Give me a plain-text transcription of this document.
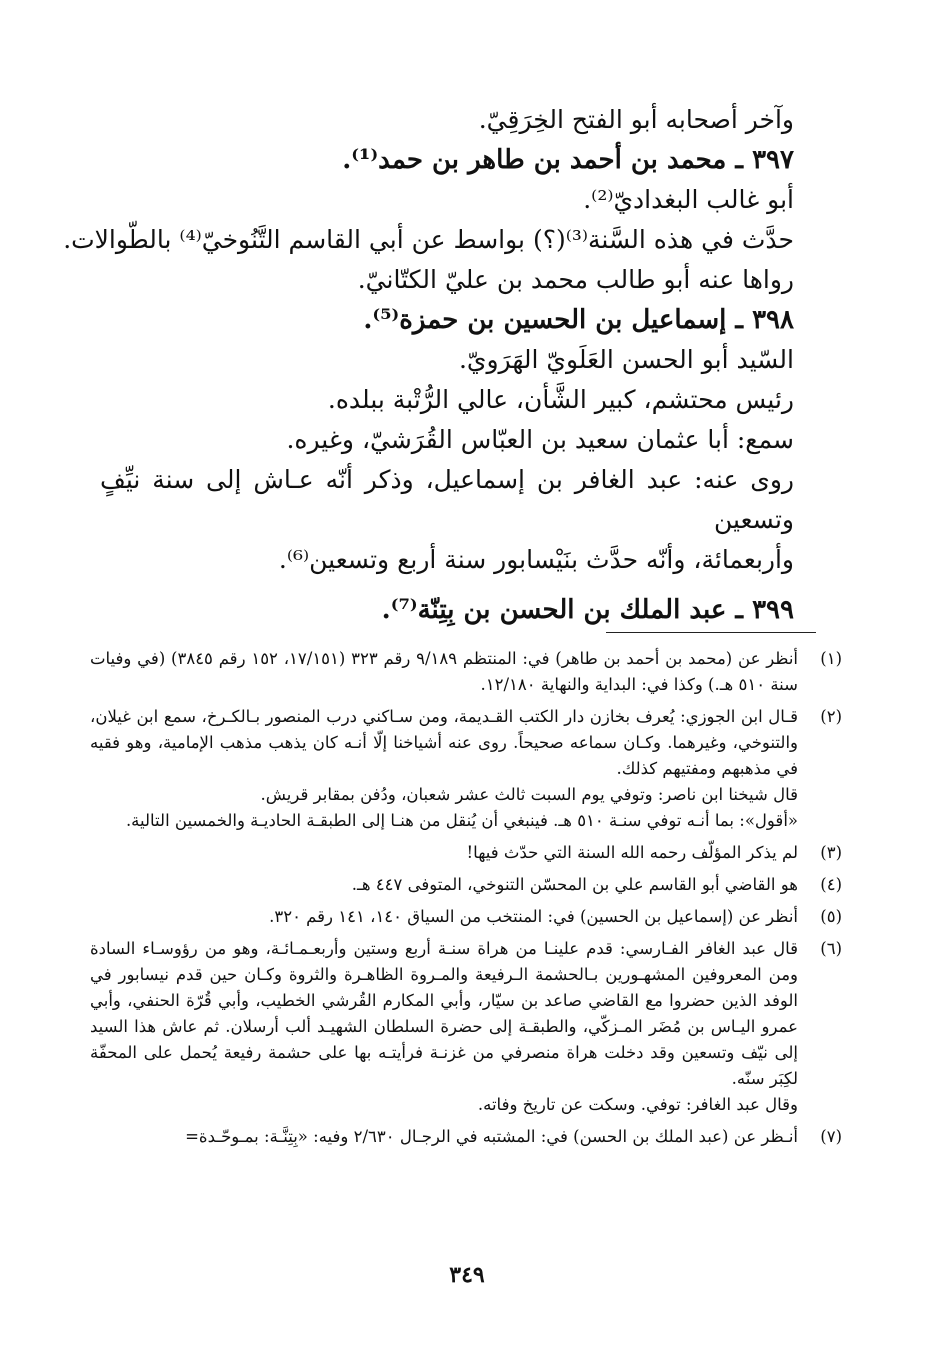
وآخر أصحابه أبو الفتح الخِرَقِيّ.

٣٩٧ ـ محمد بن أحمد بن طاهر بن حمد⁽¹⁾.

أبو غالب البغداديّ⁽²⁾.

حدَّث في هذه السَّنة⁽³⁾(؟) بواسط عن أبي القاسم التَّنُوخيّ⁽⁴⁾ بالطّوالات.

رواها عنه أبو طالب محمد بن عليّ الكتّانيّ.

٣٩٨ ـ إسماعيل بن الحسين بن حمزة⁽⁵⁾.

السّيد أبو الحسن العَلَويّ الهَرَويّ.

رئيس محتشم، كبير الشَّأن، عالي الرُّتْبة ببلده.

سمع: أبا عثمان سعيد بن العبّاس القُرَشيّ، وغيره.

روى عنه: عبد الغافر بن إسماعيل، وذكر أنّه عـاش إلى سنة نيِّفٍ وتسعين

وأربعمائة، وأنّه حدَّث بنَيْسابور سنة أربع وتسعين⁽⁶⁾.

٣٩٩ ـ عبد الملك بن الحسن بن بِتِنّة⁽⁷⁾.

(١)

أنظر عن (محمد بن أحمد بن طاهر) في: المنتظم ٩/١٨٩ رقم ٣٢٣ (١٧/١٥١، ١٥٢ رقم ٣٨٤٥) (في وفيات سنة ٥١٠ هـ.) وكذا في: البداية والنهاية ١٢/١٨٠.

(٢)

قـال ابن الجوزي: يُعرف بخازن دار الكتب القـديمة، ومن سـاكني درب المنصور بـالكـرخ، سمع ابن غيلان، والتنوخي، وغيرهما. وكـان سماعه صحيحاً. روى عنه أشياخنا إلّا أنـه كان يذهب مذهب الإمامية، وهو فقيه في مذهبهم ومفتيهم كذلك.

قال شيخنا ابن ناصر: وتوفي يوم السبت ثالث عشر شعبان، ودُفن بمقابر قريش.

«أقول»: بما أنـه توفي سنـة ٥١٠ هـ. فينبغي أن يُنقل من هنـا إلى الطبقـة الحاديـة والخمسين التالية.

(٣)

لم يذكر المؤلّف رحمه الله السنة التي حدّث فيها!

(٤)

هو القاضي أبو القاسم علي بن المحسّن التنوخي، المتوفى ٤٤٧ هـ.

(٥)

أنظر عن (إسماعيل بن الحسين) في: المنتخب من السياق ١٤٠، ١٤١ رقم ٣٢٠.

(٦)

قال عبد الغافر الفـارسي: قدم علينـا من هراة سنـة أربع وستين وأربعـمـائـة، وهو من رؤوسـاء السادة ومن المعروفين المشهـورين بـالحشمة الـرفيعة والمـروة الظاهـرة والثروة وكـان حين قدم نيسابور في الوفد الذين حضروا مع القاضي صاعد بن سيّار، وأبي المكارم القُرشي الخطيب، وأبي قُرّة الحنفي، وأبي عمرو اليـاس بن مُضَر المـزكّي، والطبقـة إلى حضرة السلطان الشهيـد ألب أرسلان. ثم عاش هذا السيد إلى نيّف وتسعين وقد دخلت هراة منصرفي من غزنـة فرأيتـه بها على حشمة رفيعة يُحمل على المحفّة لكِبَر سنّه.

وقال عبد الغافر: توفي. وسكت عن تاريخ وفاته.

(٧)

أنـظر عن (عبد الملك بن الحسن) في: المشتبه في الرجـال ٢/٦٣٠ وفيه: «بِتِنَّـة: بمـوحّـدة=

٣٤٩
